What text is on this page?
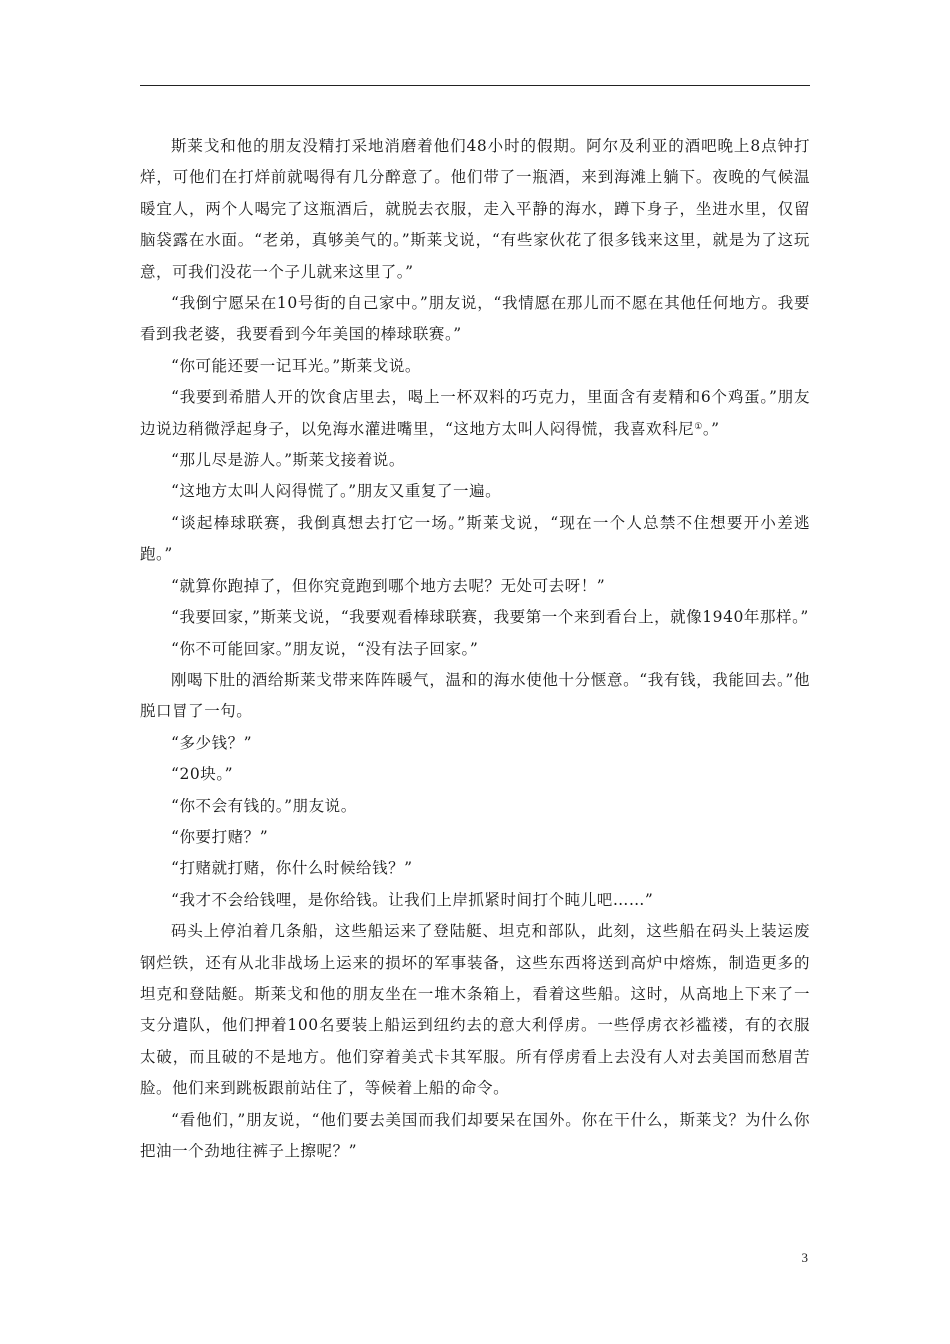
斯莱戈和他的朋友没精打采地消磨着他们48小时的假期。阿尔及利亚的酒吧晚上8点钟打烊，可他们在打烊前就喝得有几分醉意了。他们带了一瓶酒，来到海滩上躺下。夜晚的气候温暖宜人，两个人喝完了这瓶酒后，就脱去衣服，走入平静的海水，蹲下身子，坐进水里，仅留脑袋露在水面。“老弟，真够美气的。”斯莱戈说，“有些家伙花了很多钱来这里，就是为了这玩意，可我们没花一个子儿就来这里了。”

“我倒宁愿呆在10号街的自己家中。”朋友说，“我情愿在那儿而不愿在其他任何地方。我要看到我老婆，我要看到今年美国的棒球联赛。”

“你可能还要一记耳光。”斯莱戈说。

“我要到希腊人开的饮食店里去，喝上一杯双料的巧克力，里面含有麦精和6个鸡蛋。”朋友边说边稍微浮起身子，以免海水灌进嘴里，“这地方太叫人闷得慌，我喜欢科尼①。”

“那儿尽是游人。”斯莱戈接着说。

“这地方太叫人闷得慌了。”朋友又重复了一遍。

“谈起棒球联赛，我倒真想去打它一场。”斯莱戈说，“现在一个人总禁不住想要开小差逃跑。”

“就算你跑掉了，但你究竟跑到哪个地方去呢？无处可去呀！”

“我要回家，”斯莱戈说，“我要观看棒球联赛，我要第一个来到看台上，就像1940年那样。”

“你不可能回家。”朋友说，“没有法子回家。”

刚喝下肚的酒给斯莱戈带来阵阵暖气，温和的海水使他十分惬意。“我有钱，我能回去。”他脱口冒了一句。

“多少钱？”

“20块。”

“你不会有钱的。”朋友说。

“你要打赌？”

“打赌就打赌，你什么时候给钱？”

“我才不会给钱哩，是你给钱。让我们上岸抓紧时间打个盹儿吧……”

码头上停泊着几条船，这些船运来了登陆艇、坦克和部队，此刻，这些船在码头上装运废钢烂铁，还有从北非战场上运来的损坏的军事装备，这些东西将送到高炉中熔炼，制造更多的坦克和登陆艇。斯莱戈和他的朋友坐在一堆木条箱上，看着这些船。这时，从高地上下来了一支分遣队，他们押着100名要装上船运到纽约去的意大利俘虏。一些俘虏衣衫褴褛，有的衣服太破，而且破的不是地方。他们穿着美式卡其军服。所有俘虏看上去没有人对去美国而愁眉苦脸。他们来到跳板跟前站住了，等候着上船的命令。

“看他们，”朋友说，“他们要去美国而我们却要呆在国外。你在干什么，斯莱戈？为什么你把油一个劲地往裤子上擦呢？”

3
